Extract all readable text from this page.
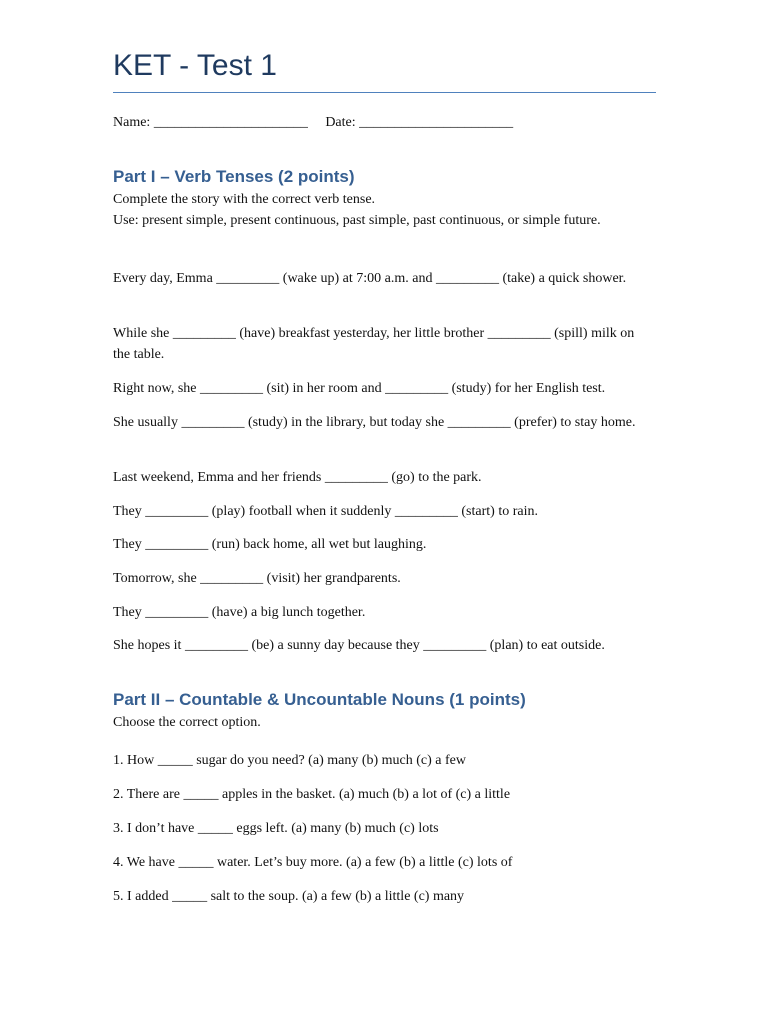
KET - Test 1
Name: ______________________     Date: ______________________
Part I – Verb Tenses (2 points)

Complete the story with the correct verb tense.

Use: present simple, present continuous, past simple, past continuous, or simple future.

Every day, Emma _________ (wake up) at 7:00 a.m. and _________ (take) a quick shower.

While she _________ (have) breakfast yesterday, her little brother _________ (spill) milk on the table.

Right now, she _________ (sit) in her room and _________ (study) for her English test.

She usually _________ (study) in the library, but today she _________ (prefer) to stay home.

Last weekend, Emma and her friends _________ (go) to the park.

They _________ (play) football when it suddenly _________ (start) to rain.

They _________ (run) back home, all wet but laughing.

Tomorrow, she _________ (visit) her grandparents.

They _________ (have) a big lunch together.

She hopes it _________ (be) a sunny day because they _________ (plan) to eat outside.

Part II – Countable & Uncountable Nouns (1 points)

Choose the correct option.

1. How _____ sugar do you need? (a) many (b) much (c) a few

2. There are _____ apples in the basket. (a) much (b) a lot of (c) a little

3. I don’t have _____ eggs left. (a) many (b) much (c) lots

4. We have _____ water. Let’s buy more. (a) a few (b) a little (c) lots of

5. I added _____ salt to the soup. (a) a few (b) a little (c) many
